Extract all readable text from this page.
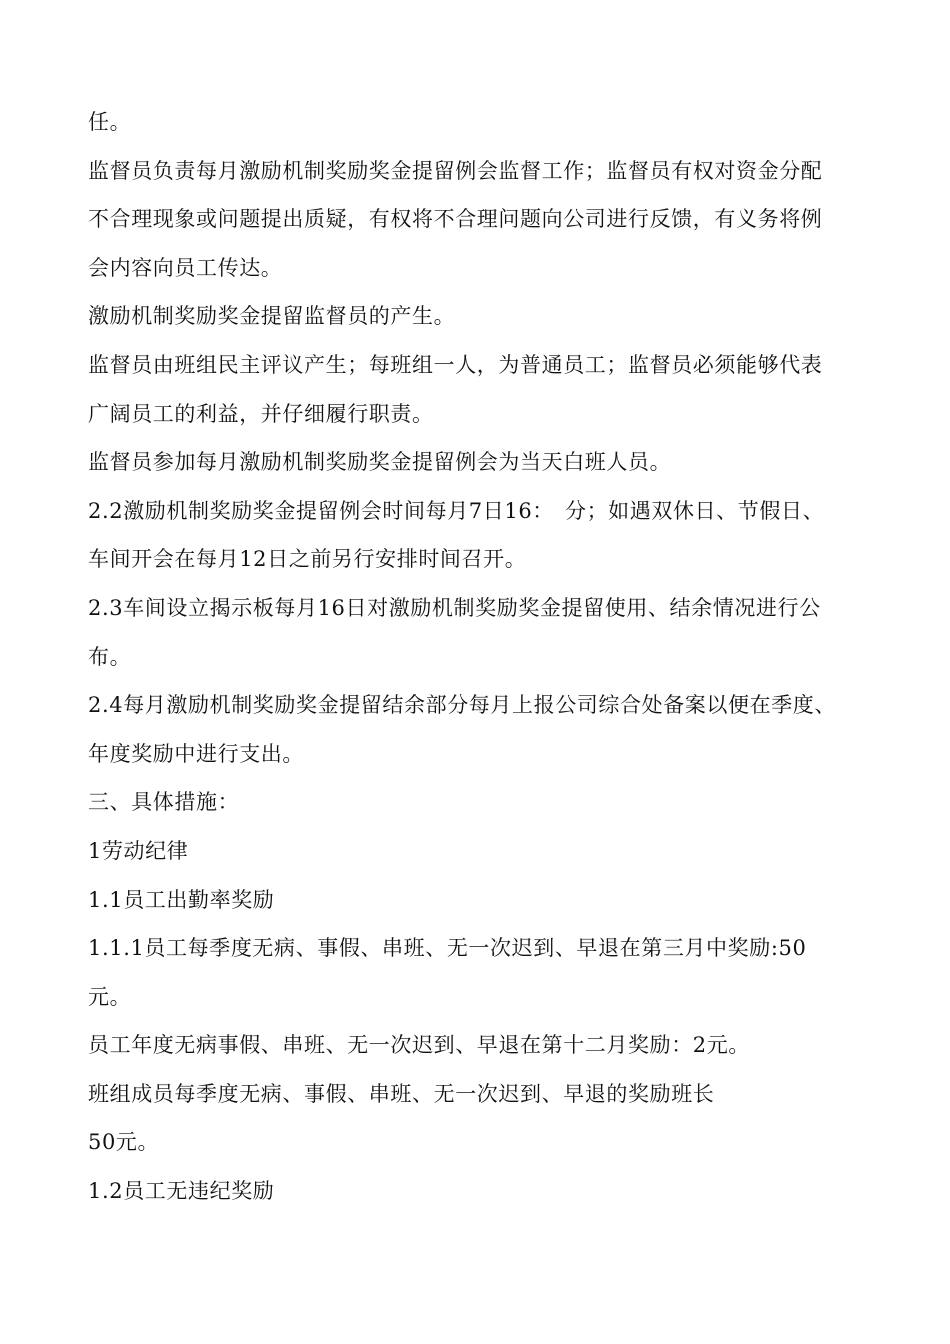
任。
监督员负责每月激励机制奖励奖金提留例会监督工作；监督员有权对资金分配
不合理现象或问题提出质疑，有权将不合理问题向公司进行反馈，有义务将例
会内容向员工传达。
激励机制奖励奖金提留监督员的产生。
监督员由班组民主评议产生；每班组一人，为普通员工；监督员必须能够代表
广阔员工的利益，并仔细履行职责。
监督员参加每月激励机制奖励奖金提留例会为当天白班人员。
2.2激励机制奖励奖金提留例会时间每月7日16：　分；如遇双休日、节假日、
车间开会在每月12日之前另行安排时间召开。
2.3车间设立揭示板每月16日对激励机制奖励奖金提留使用、结余情况进行公
布。
2.4每月激励机制奖励奖金提留结余部分每月上报公司综合处备案以便在季度、
年度奖励中进行支出。
三、具体措施：
1劳动纪律
1.1员工出勤率奖励
1.1.1员工每季度无病、事假、串班、无一次迟到、早退在第三月中奖励:50
元。
员工年度无病事假、串班、无一次迟到、早退在第十二月奖励：2元。
班组成员每季度无病、事假、串班、无一次迟到、早退的奖励班长
50元。
1.2员工无违纪奖励
